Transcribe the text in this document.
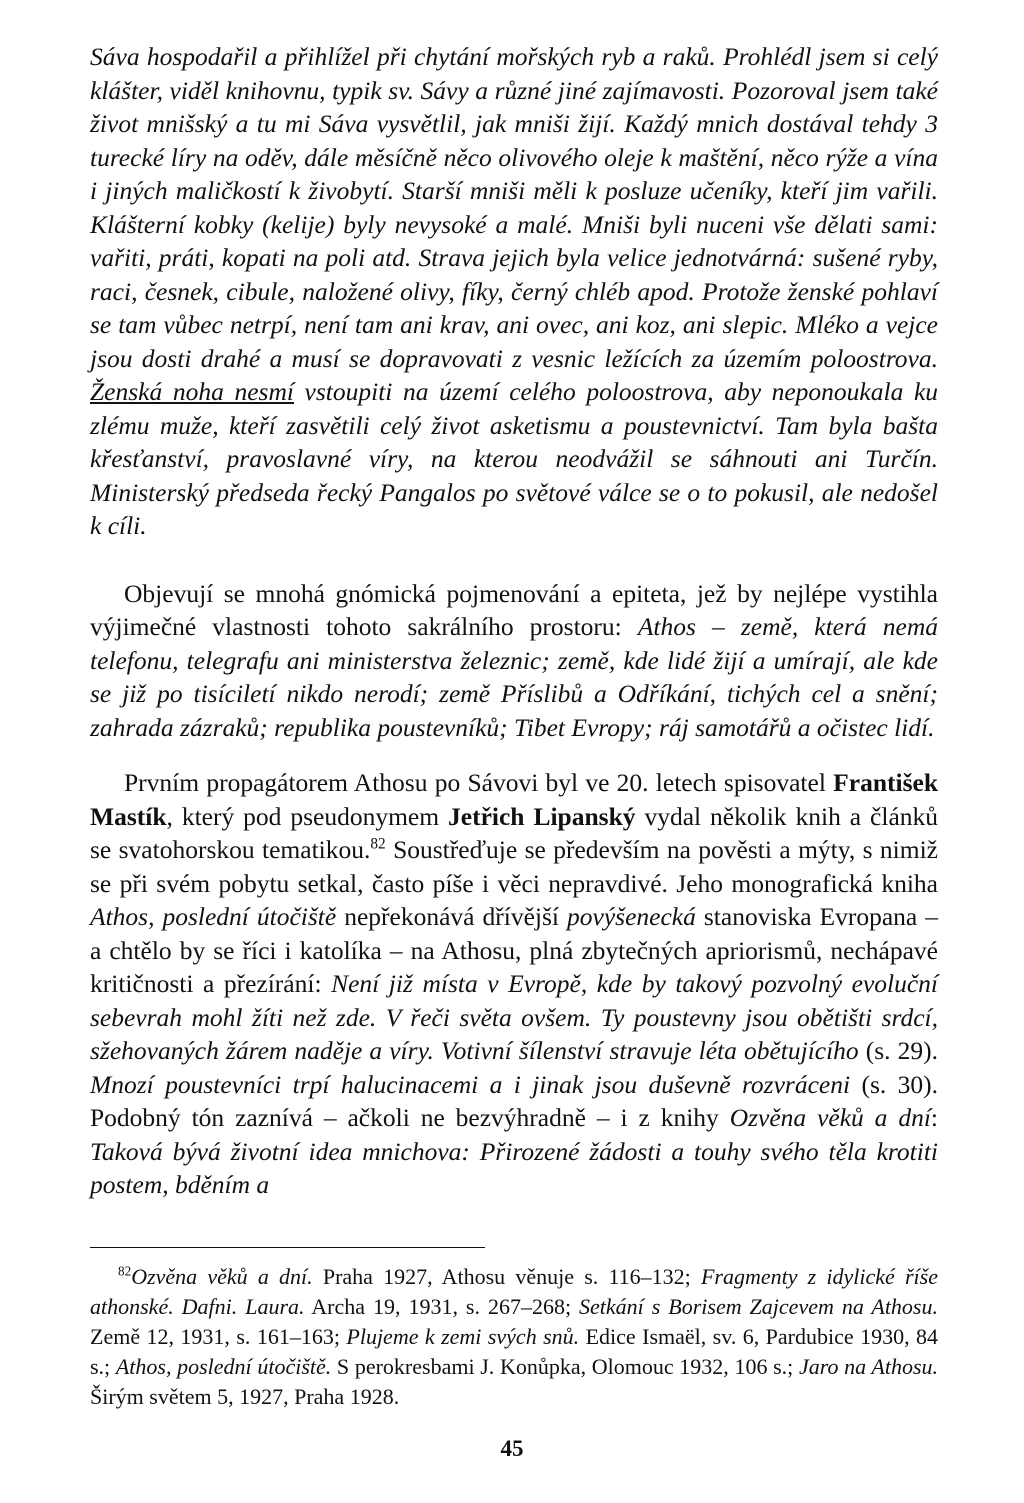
Sáva hospodařil a přihlížel při chytání mořských ryb a raků. Prohlédl jsem si celý klášter, viděl knihovnu, typik sv. Sávy a různé jiné zajímavosti. Pozoroval jsem také život mnišský a tu mi Sáva vysvětlil, jak mniši žijí. Každý mnich dostával tehdy 3 turecké líry na oděv, dále měsíčně něco olivového oleje k maštění, něco rýže a vína i jiných maličkostí k živobytí. Starší mniši měli k posluze učeníky, kteří jim vařili. Klášterní kobky (kelije) byly nevysoké a malé. Mniši byli nuceni vše dělati sami: vařiti, práti, kopati na poli atd. Strava jejich byla velice jednotvárná: sušené ryby, raci, česnek, cibule, naložené olivy, fíky, černý chléb apod. Protože ženské pohlaví se tam vůbec netrpí, není tam ani krav, ani ovec, ani koz, ani slepic. Mléko a vejce jsou dosti drahé a musí se dopravovati z vesnic ležících za územím poloostrova. Ženská noha nesmí vstoupiti na území celého poloostrova, aby neponoukala ku zlému muže, kteří zasvětili celý život asketismu a poustevnictví. Tam byla bašta křesťanství, pravoslavné víry, na kterou neodvážil se sáhnouti ani Turčín. Ministerský předseda řecký Pangalos po světové válce se o to pokusil, ale nedošel k cíli.

Objevují se mnohá gnómická pojmenování a epiteta, jež by nejlépe vystihla výjimečné vlastnosti tohoto sakrálního prostoru: Athos – země, která nemá telefonu, telegrafu ani ministerstva železnic; země, kde lidé žijí a umírají, ale kde se již po tisíciletí nikdo nerodí; země Příslibů a Odříkání, tichých cel a snění; zahrada zázraků; republika poustevníků; Tibet Evropy; ráj samotářů a očistec lidí.

Prvním propagátorem Athosu po Sávovi byl ve 20. letech spisovatel František Mastík, který pod pseudonymem Jetřich Lipanský vydal několik knih a článků se svatohorskou tematikou.$^{82}$ Soustřeďuje se především na pověsti a mýty, s nimiž se při svém pobytu setkal, často píše i věci nepravdivé. Jeho monografická kniha Athos, poslední útočiště nepřekonává dřívější povýšenecká stanoviska Evropana – a chtělo by se říci i katolíka – na Athosu, plná zbytečných apriorismů, nechápavé kritičnosti a přezírání: Není již místa v Evropě, kde by takový pozvolný evoluční sebevrah mohl žíti než zde. V řeči světa ovšem. Ty poustevny jsou obětišti srdcí, sžehovaných žárem naděje a víry. Votivní šílenství stravuje léta obětujícího (s. 29). Mnozí poustevníci trpí halucinacemi a i jinak jsou duševně rozvráceni (s. 30). Podobný tón zaznívá – ačkoli ne bezvýhradně – i z knihy Ozvěna věků a dní: Taková bývá životní idea mnichova: Přirozené žádosti a touhy svého těla krotiti postem, bděním a

$^{82}$Ozvěna věků a dní. Praha 1927, Athosu věnuje s. 116–132; Fragmenty z idylické říše athonské. Dafni. Laura. Archa 19, 1931, s. 267–268; Setkání s Borisem Zajcevem na Athosu. Země 12, 1931, s. 161–163; Plujeme k zemi svých snů. Edice Ismaël, sv. 6, Pardubice 1930, 84 s.; Athos, poslední útočiště. S perokresbami J. Konůpka, Olomouc 1932, 106 s.; Jaro na Athosu. Širým světem 5, 1927, Praha 1928.

45
